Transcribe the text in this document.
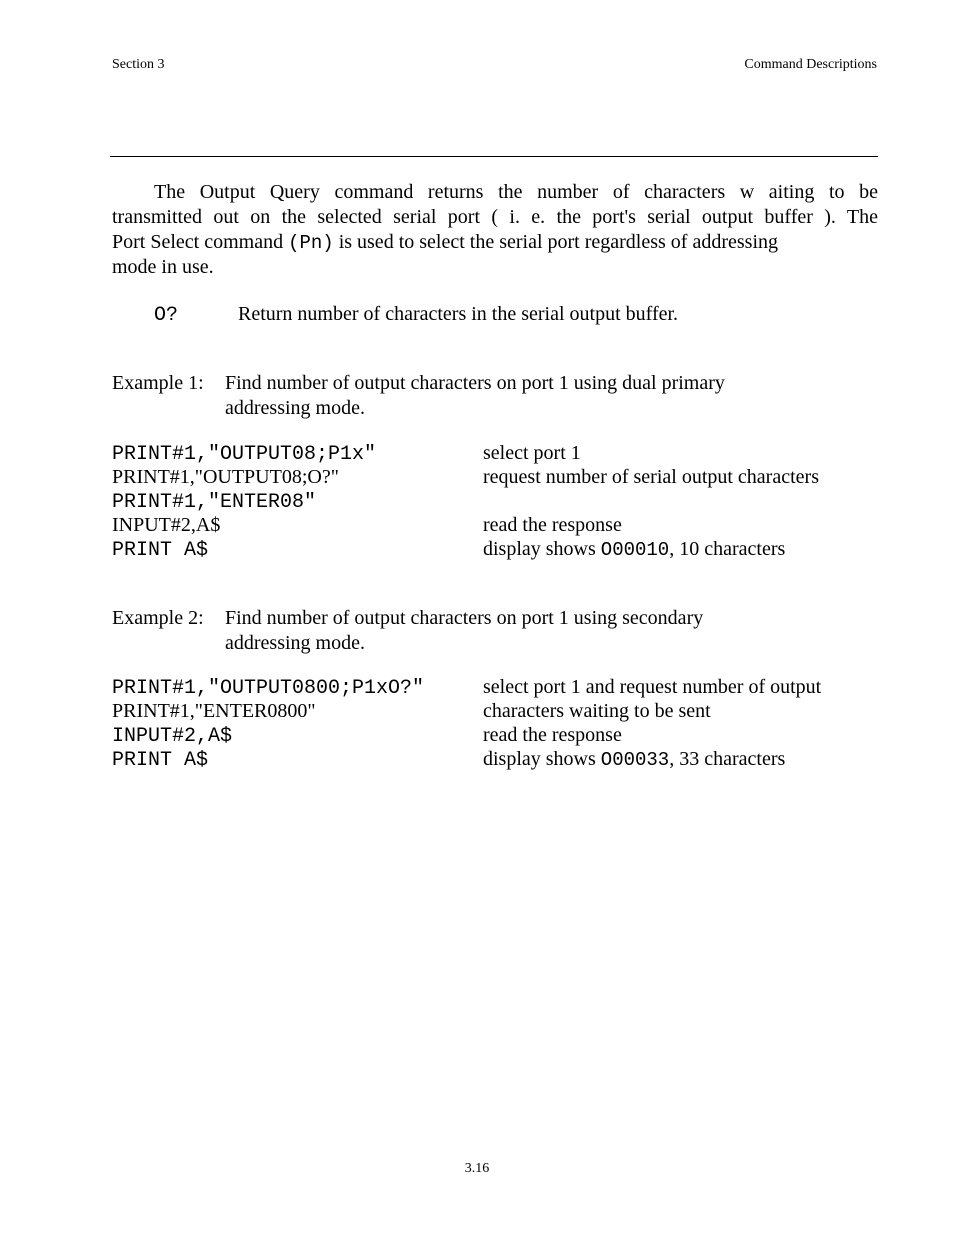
Section 3	Command Descriptions
The Output Query command returns the number of characters w aiting to be
transmitted out on the selected serial port ( i. e. the port's serial output buffer ). The
Port Select command (Pn) is used to select the serial port regardless of addressing
mode in use.
O?	Return number of characters in the serial output buffer.
Example 1: Find number of output characters on port 1 using dual primary
addressing mode.
PRINT#1,"OUTPUT08;P1x"	select port 1
PRINT#1,"OUTPUT08;O?"	request number of serial output characters
PRINT#1,"ENTER08"
INPUT#2,A$	read the response
PRINT A$	display shows O00010, 10 characters
Example 2: Find number of output characters on port 1 using secondary
addressing mode.
PRINT#1,"OUTPUT0800;P1xO?"	select port 1 and request number of output
PRINT#1,"ENTER0800"	characters waiting to be sent
INPUT#2,A$	read the response
PRINT A$	display shows O00033, 33 characters
3.16
